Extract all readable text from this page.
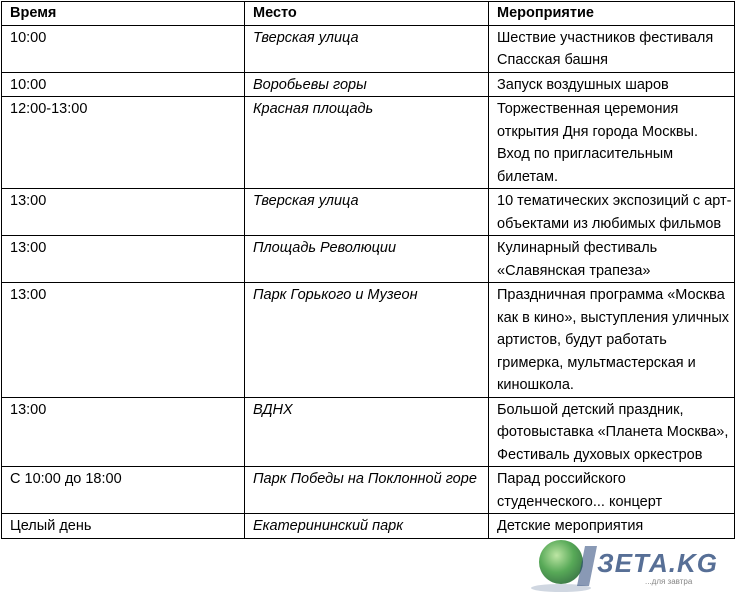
Время	Место	Мероприятие
10:00	Тверская улица	Шествие участников фестиваля Спасская башня
10:00	Воробьевы горы	Запуск воздушных шаров
12:00-13:00	Красная площадь	Торжественная церемония открытия Дня города Москвы. Вход по пригласительным билетам.
13:00	Тверская улица	10 тематических экспозиций с арт-объектами из любимых фильмов
13:00	Площадь Революции	Кулинарный фестиваль «Славянская трапеза»
13:00	Парк Горького и Музеон	Праздничная программа «Москва как в кино», выступления уличных артистов, будут работать гримерка, мультмастерская и киношкола.
13:00	ВДНХ	Большой детский праздник, фотовыставка «Планета Москва», Фестиваль духовых оркестров
С 10:00 до 18:00	Парк Победы на Поклонной горе	Парад российского студенческого... концерт
Целый день	Екатерининский парк	Детские мероприятия
ЗЕТА.KG
...для завтра
